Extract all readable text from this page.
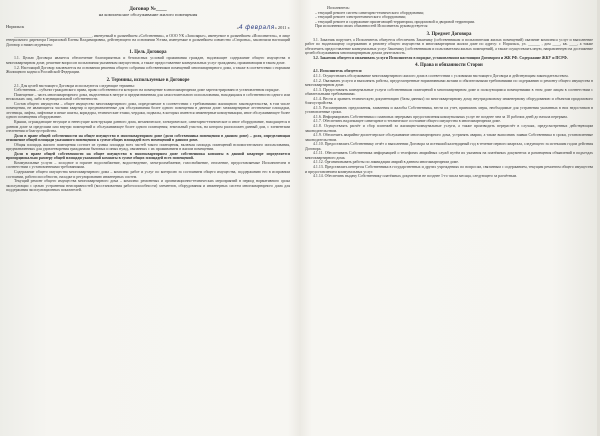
Договор №____
на комплексное обслуживание жилого помещения
Норильск	«4 февраля» 2011 г.

________________________________________, именуемый в дальнейшем «Собственник», и ООО УК «Заполярье», именуемое в дальнейшем «Исполнитель», в лице генерального директора Гавриловой Елены Владимировны, действующего на основании Устава, именуемые в дальнейшем совместно «Стороны», заключили настоящий Договор о нижеследующем:

1. Цель Договора

1.1. Целью Договора является обеспечение благоприятных и безопасных условий проживания граждан, надлежащее содержание общего имущества в многоквартирном доме, решение вопросов пользования указанным имуществом, а также предоставление коммунальных услуг гражданам, проживающим в таком доме.

1.2. Настоящий Договор заключается на основании решения общего собрания собственников помещений многоквартирного дома, а также в соответствии с нормами Жилищного кодекса Российской Федерации.

2. Термины, используемые в Договоре

2.1. Для целей настоящего Договора используются следующие термины:

Собственник – субъект гражданского права, право собственности которого на помещение в многоквартирном доме зарегистрировано в установленном порядке.

Помещение – часть многоквартирного дома, выделенная в натуре и предназначенная для самостоятельного использования, находящаяся в собственности одного или нескольких лиц, либо в муниципальной собственности.

Состав общего имущества – общее имущество многоквартирного дома, определяемое в соответствии с требованиями жилищного законодательства, в том числе помещения, не являющиеся частями квартир и предназначенные для обслуживания более одного помещения в данном доме: межквартирные лестничные площадки, лестницы, лифты, лифтовые и иные шахты, коридоры, технические этажи, чердаки, подвалы, в которых имеются инженерные коммуникации, иное обслуживающее более одного помещения оборудование.

Крыши, ограждающие несущие и ненесущие конструкции данного дома, механическое, электрическое, санитарно-техническое и иное оборудование, находящееся в данном доме за пределами или внутри помещений и обслуживающее более одного помещения; земельный участок, на котором расположен данный дом, с элементами озеленения и благоустройства.

Доля в праве общей собственности на общее имущество в многоквартирном доме (доля собственника помещения в данном доме) – доля, определяющая отношение общей площади указанного помещения к сумме общих площадей всех помещений в данном доме.

Общая площадь жилого помещения состоит из суммы площади всех частей такого помещения, включая площадь помещений вспомогательного использования, предназначенных для удовлетворения гражданами бытовых и иных нужд, связанных с их проживанием в жилом помещении.

Доля в праве общей собственности на общее имущество в многоквартирном доме собственника комнаты в данной квартире определяется пропорционально размеру общей площади указанной комнаты в сумме общих площадей всех помещений.

Коммунальные услуги – холодное и горячее водоснабжение, водоотведение, электроснабжение, газоснабжение, отопление, предоставляемые Исполнителем в соответствии с установленными требованиями.

Содержание общего имущества многоквартирного дома – комплекс работ и услуг по контролю за состоянием общего имущества, поддержанию его в исправном состоянии, работоспособности, наладке и регулированию инженерных систем.

Текущий ремонт общего имущества многоквартирного дома – комплекс ремонтных и организационно-технических мероприятий в период нормативного срока эксплуатации с целью устранения неисправностей (восстановления работоспособности) элементов, оборудования и инженерных систем многоквартирного дома для поддержания эксплуатационных показателей.

Исполнитель:

– текущий ремонт систем санитарно-технического оборудования;

– текущий ремонт электротехнического оборудования;

– текущий ремонт и содержание прилегающей территории, придомовой и дворовой территории.

При исполнении своих обязанностей Исполнитель руководствуется:

3. Предмет Договора

3.1. Заказчик поручает, а Исполнитель обязуется обеспечить Заказчику (собственникам и пользователям жилых помещений) оказание комплекса услуг и выполнение работ по надлежащему содержанию и ремонту общего имущества в многоквартирном жилом доме по адресу: г. Норильск, ул. ______ , дом ____, кв. ____, а также обеспечить предоставление коммунальных услуг Заказчику (собственникам и пользователям жилых помещений), а также осуществлять иную, направленную на достижение целей обслуживания многоквартирным домом деятельность.

3.2. Заказчик обязуется оплачивать услуги Исполнителя в порядке, установленном настоящим Договором и ЖК РФ. Содержание ЖКУ и ПСРФ.

4. Права и обязанности Сторон

4.1. Исполнитель обязуется:

4.1.1. Осуществлять обслуживание многоквартирного жилого дома в соответствии с условиями настоящего Договора и действующим законодательством.

4.1.2. Оказывать услуги и выполнять работы, предусмотренные нормативными актами и обязательными требованиями по содержанию и ремонту общего имущества в многоквартирном доме.

4.1.3. Предоставлять коммунальные услуги собственникам помещений в многоквартирном доме и пользующимся помещениями в этом доме лицам в соответствии с обязательными требованиями.

4.1.4. Вести и хранить техническую документацию (базы данных) по многоквартирному дому, внутридомовому инженерному оборудованию и объектам придомового благоустройства.

4.1.5. Рассматривать предложения, заявления и жалобы Собственника, вести их учет, принимать меры, необходимые для устранения указанных в них недостатков в установленные сроки.

4.1.6. Информировать Собственника о плановых перерывах предоставления коммунальных услуг не позднее чем за 10 рабочих дней до начала перерыва.

4.1.7. Обеспечить надлежащее санитарное и техническое состояние общего имущества в многоквартирном доме.

4.1.8. Осуществлять расчёт и сбор платежей за жилищно-коммунальные услуги, а также производить перерасчёт в случаях, предусмотренных действующим законодательством.

4.1.9. Обеспечить аварийно-диспетчерское обслуживание многоквартирного дома, устранять аварии, а также выполнять заявки Собственника в сроки, установленные законодательством.

4.1.10. Предоставлять Собственнику отчёт о выполнении Договора за истекший календарный год в течение первого квартала, следующего за истекшим годом действия Договора.

4.1.11. Обеспечивать Собственника информацией о телефонах аварийных служб путём их указания на платёжных документах и размещения объявлений в подъездах многоквартирного дома.

4.1.12. Организовывать работы по ликвидации аварий в данном многоквартирном доме.

4.1.13. Представлять интересы Собственника в государственных и других учреждениях по вопросам, связанным с содержанием, текущим ремонтом общего имущества и предоставлением коммунальных услуг.

4.1.14. Обеспечить выдачу Собственнику платёжных документов не позднее 1-го числа месяца, следующего за расчётным.
